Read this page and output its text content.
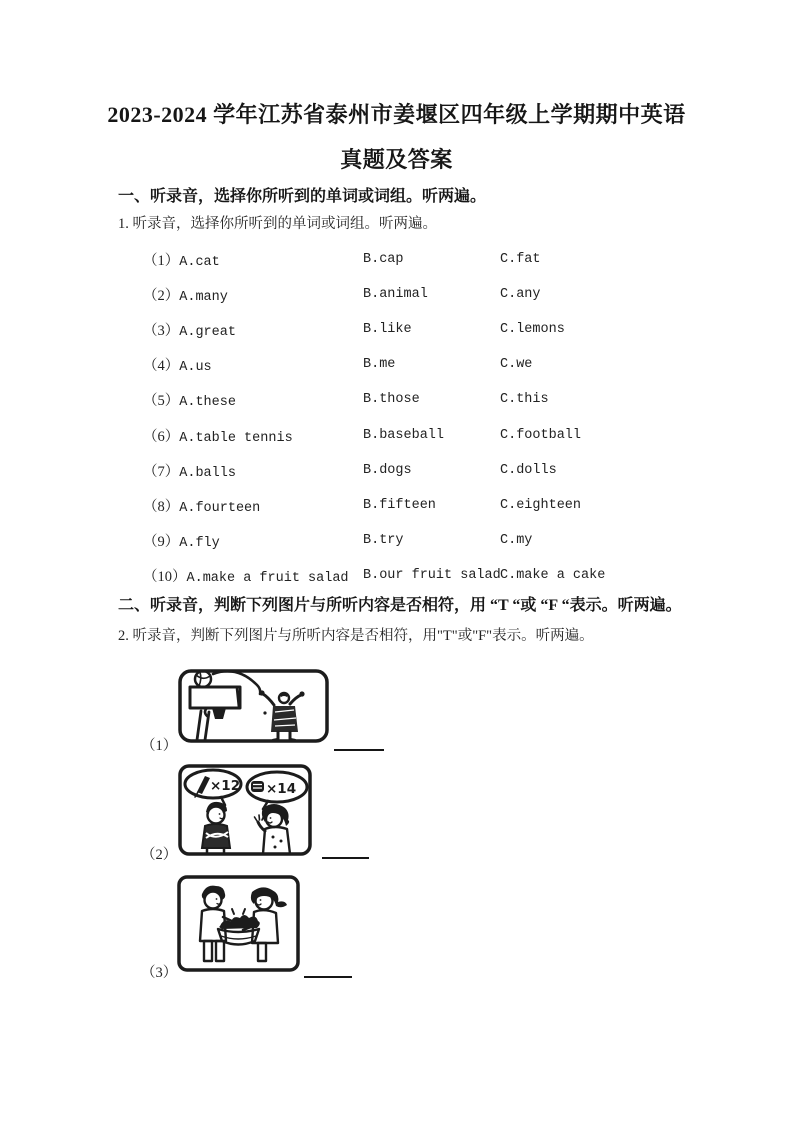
2023-2024 学年江苏省泰州市姜堰区四年级上学期期中英语
真题及答案
一、听录音，选择你所听到的单词或词组。听两遍。
1. 听录音，选择你所听到的单词或词组。听两遍。
（1）A.cat	B.cap	C.fat
（2）A.many	B.animal	C.any
（3）A.great	B.like	C.lemons
（4）A.us	B.me	C.we
（5）A.these	B.those	C.this
（6）A.table tennis	B.baseball	C.football
（7）A.balls	B.dogs	C.dolls
（8）A.fourteen	B.fifteen	C.eighteen
（9）A.fly	B.try	C.my
（10）A.make a fruit salad	B.our fruit salad C.make a cake
二、听录音，判断下列图片与所听内容是否相符，用 “T “或 “F “表示。听两遍。
2. 听录音，判断下列图片与所听内容是否相符，用"T"或"F"表示。听两遍。
（1）
×12 ×14
（2）
（3）
